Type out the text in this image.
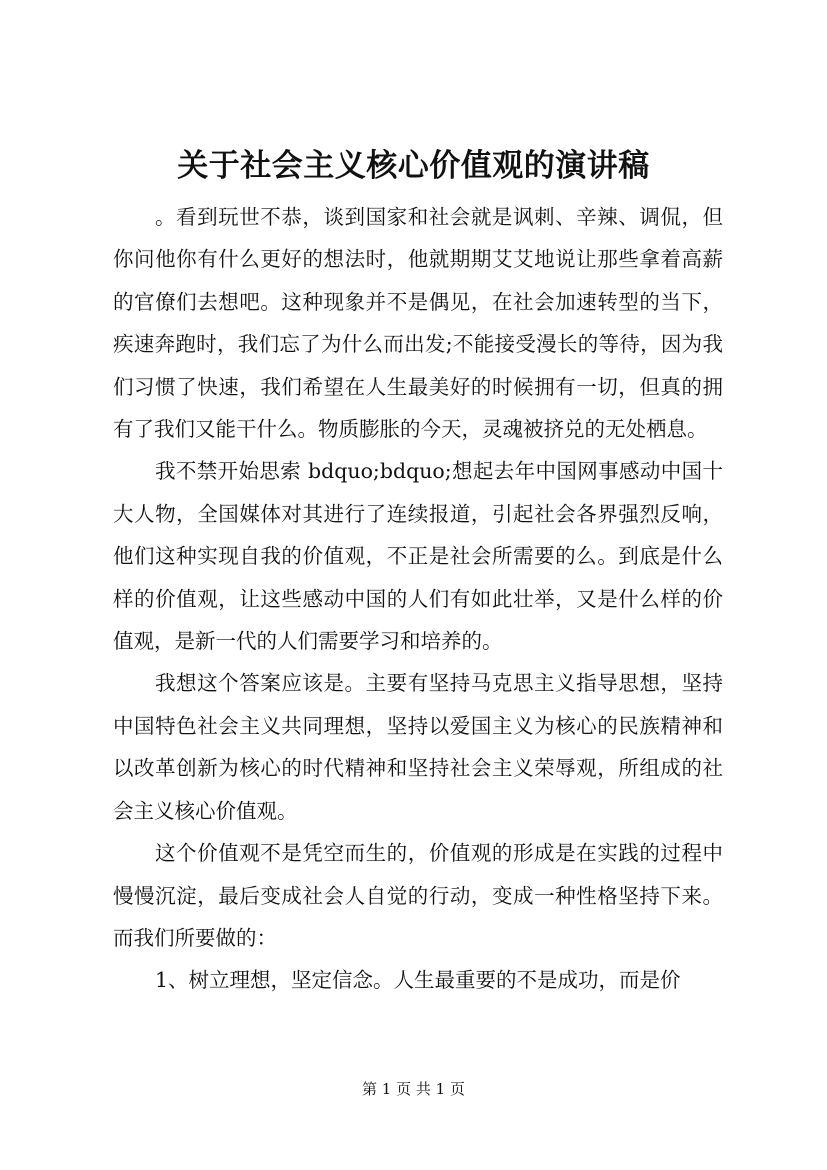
关于社会主义核心价值观的演讲稿

。看到玩世不恭，谈到国家和社会就是讽刺、辛辣、调侃，但你问他你有什么更好的想法时，他就期期艾艾地说让那些拿着高薪的官僚们去想吧。这种现象并不是偶见，在社会加速转型的当下，疾速奔跑时，我们忘了为什么而出发;不能接受漫长的等待，因为我们习惯了快速，我们希望在人生最美好的时候拥有一切，但真的拥有了我们又能干什么。物质膨胀的今天，灵魂被挤兑的无处栖息。

我不禁开始思索 bdquo;bdquo;想起去年中国网事感动中国十大人物，全国媒体对其进行了连续报道，引起社会各界强烈反响，他们这种实现自我的价值观，不正是社会所需要的么。到底是什么样的价值观，让这些感动中国的人们有如此壮举，又是什么样的价值观，是新一代的人们需要学习和培养的。

我想这个答案应该是。主要有坚持马克思主义指导思想，坚持中国特色社会主义共同理想，坚持以爱国主义为核心的民族精神和以改革创新为核心的时代精神和坚持社会主义荣辱观，所组成的社会主义核心价值观。

这个价值观不是凭空而生的，价值观的形成是在实践的过程中慢慢沉淀，最后变成社会人自觉的行动，变成一种性格坚持下来。而我们所要做的：

1、树立理想，坚定信念。人生最重要的不是成功，而是价

第 1 页 共 1 页
